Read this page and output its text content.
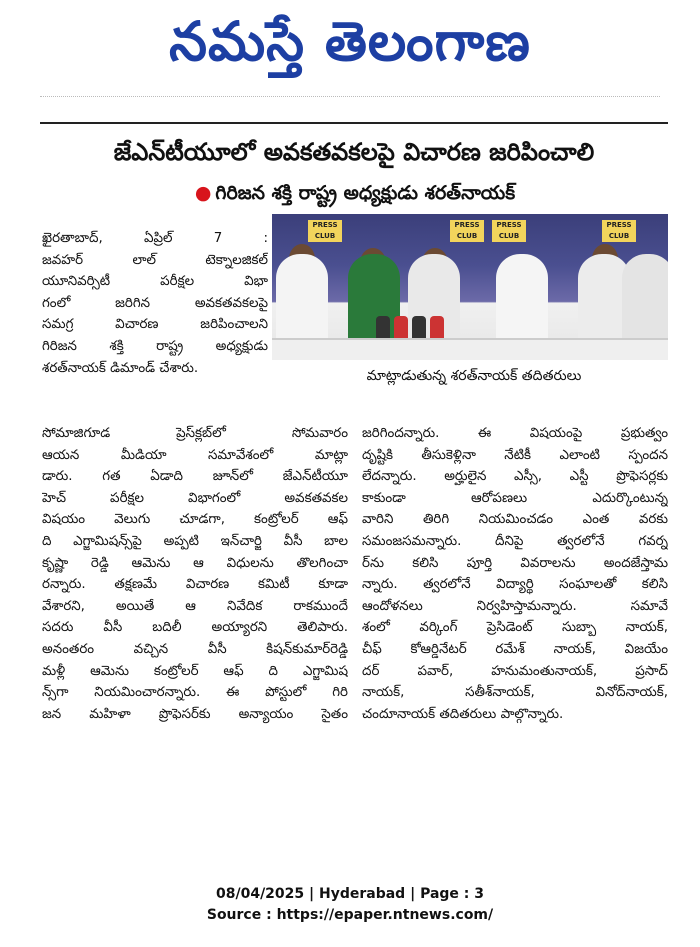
నమస్తే తెలంగాణ
జేఎన్‌టీయూలో అవకతవకలపై విచారణ జరిపించాలి
● గిరిజన శక్తి రాష్ట్ర అధ్యక్షుడు శరత్‌నాయక్
PRESS CLUB
PRESS CLUB
PRESS CLUB
PRESS CLUB
మాట్లాడుతున్న శరత్‌నాయక్ తదితరులు

ఖైరతాబాద్, ఏప్రిల్ 7 :

జవహర్ లాల్ టెక్నాలజికల్

యూనివర్సిటీ పరీక్షల విభా

గంలో జరిగిన అవకతవకలపై

సమగ్ర విచారణ జరిపించాలని

గిరిజన శక్తి రాష్ట్ర అధ్యక్షుడు

శరత్‌నాయక్ డిమాండ్ చేశారు.

సోమాజిగూడ ప్రెస్‌క్లబ్‌లో సోమవారం

ఆయన మీడియా సమావేశంలో మాట్లా

డారు. గత ఏడాది జూన్‌లో జేఎన్‌టీయూ

హెచ్ పరీక్షల విభాగంలో అవకతవకల

విషయం వెలుగు చూడగా, కంట్రోలర్ ఆఫ్

ది ఎగ్జామిషన్స్‌పై అప్పటి ఇన్‌చార్జి వీసీ బాల

కృష్ణా రెడ్డి ఆమెను ఆ విధులను తొలగించా

రన్నారు. తక్షణమే విచారణ కమిటీ కూడా

వేశారని, అయితే ఆ నివేదిక రాకముందే

సదరు వీసీ బదిలీ అయ్యారని తెలిపారు.

అనంతరం వచ్చిన వీసీ కిషన్‌కుమార్‌రెడ్డి

మళ్లీ ఆమెను కంట్రోలర్ ఆఫ్ ది ఎగ్జామిష

న్స్‌గా నియమించారన్నారు. ఈ పోస్టులో గిరి

జన మహిళా ప్రొఫెసర్‌కు అన్యాయం సైతం

జరిగిందన్నారు. ఈ విషయంపై ప్రభుత్వం

దృష్టికి తీసుకెళ్లినా నేటికీ ఎలాంటి స్పందన

లేదన్నారు. అర్హులైన ఎస్సీ, ఎస్టీ ప్రొఫెసర్లకు

కాకుండా ఆరోపణలు ఎదుర్కొంటున్న

వారిని తిరిగి నియమించడం ఎంత వరకు

సమంజసమన్నారు. దీనిపై త్వరలోనే గవర్న

ర్‌ను కలిసి పూర్తి వివరాలను అందజేస్తామ

న్నారు. త్వరలోనే విద్యార్థి సంఘాలతో కలిసి

ఆందోళనలు నిర్వహిస్తామన్నారు. సమావే

శంలో వర్కింగ్ ప్రెసిడెంట్ సుబ్బా నాయక్,

చీఫ్ కోఆర్డినేటర్ రమేశ్ నాయక్, విజయేం

దర్ పవార్, హనుమంతునాయక్, ప్రసాద్

నాయక్, సతీశ్‌నాయక్, వినోద్‌నాయక్,

చందూనాయక్ తదితరులు పాల్గొన్నారు.

08/04/2025 | Hyderabad | Page : 3
Source : https://epaper.ntnews.com/
